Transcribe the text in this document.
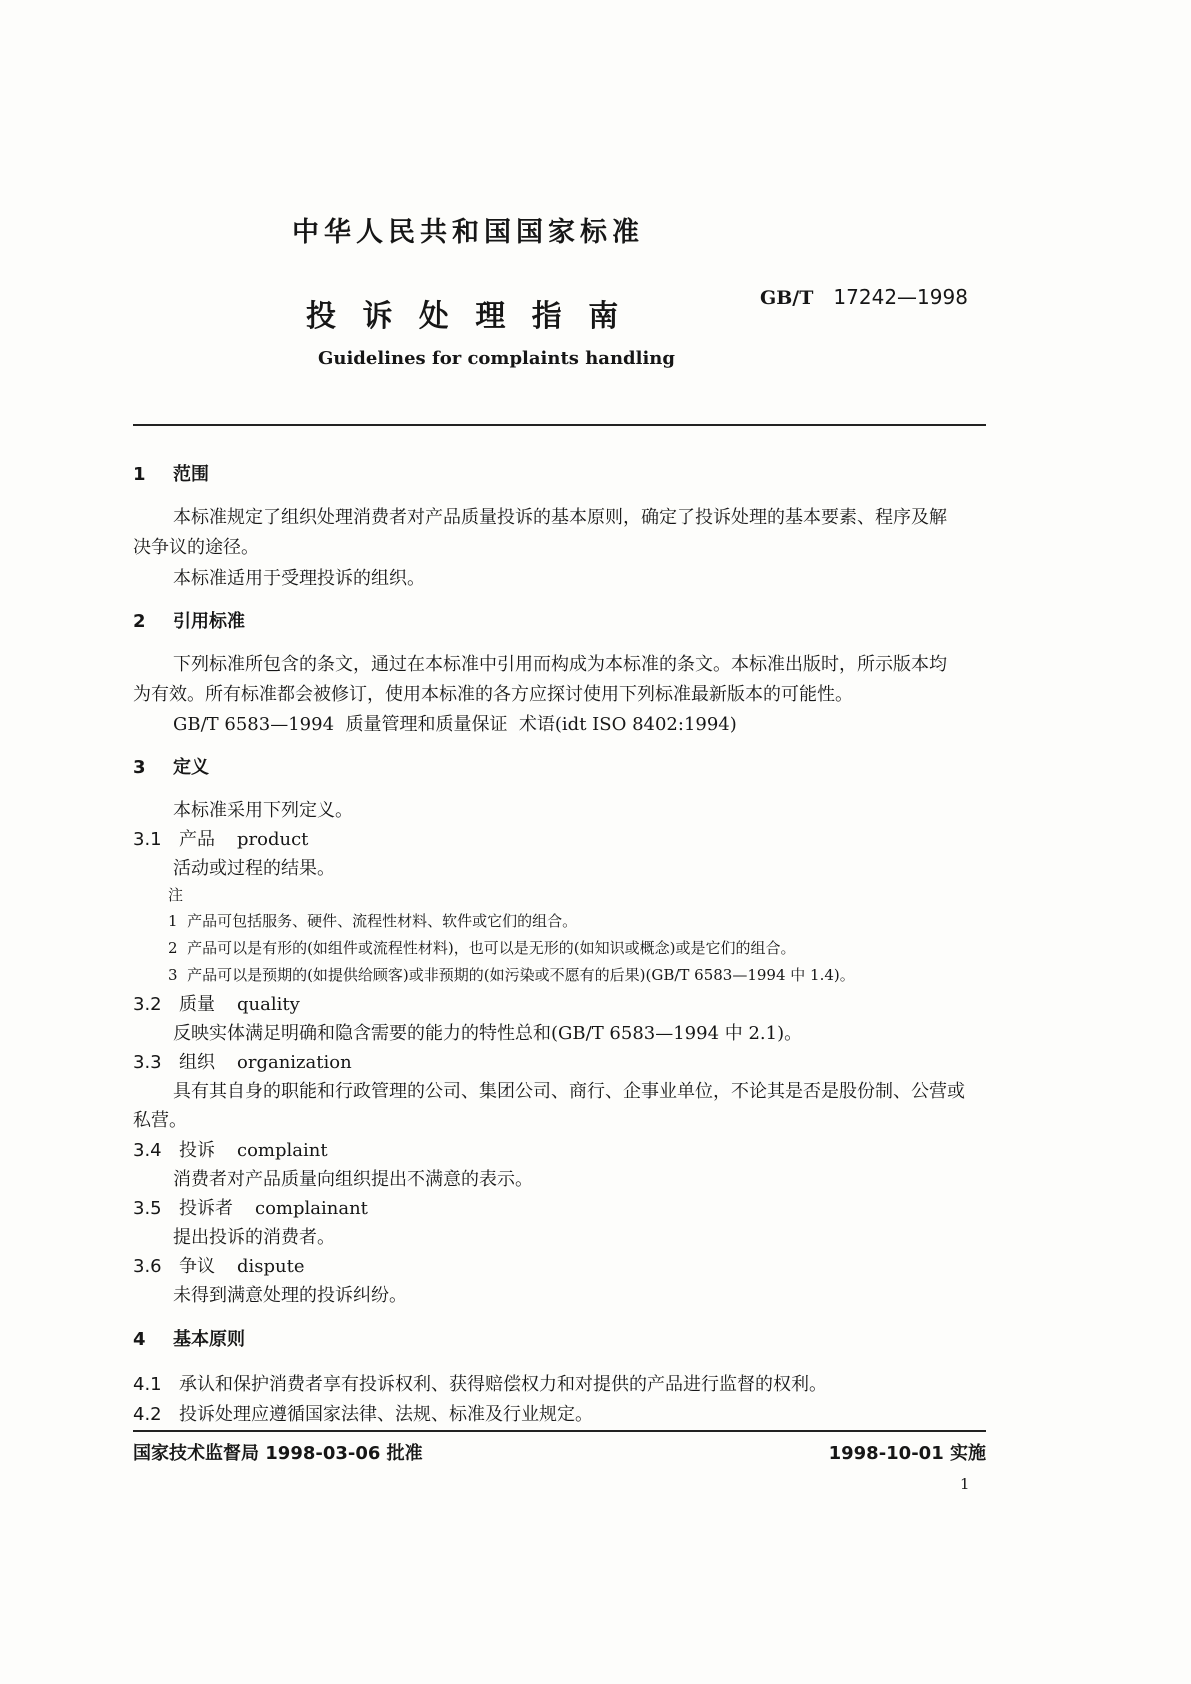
中华人民共和国国家标准
投 诉 处 理 指 南
GB/T 17242—1998
Guidelines for complaints handling
1 范围
本标准规定了组织处理消费者对产品质量投诉的基本原则，确定了投诉处理的基本要素、程序及解
决争议的途径。
本标准适用于受理投诉的组织。
2 引用标准
下列标准所包含的条文，通过在本标准中引用而构成为本标准的条文。本标准出版时，所示版本均
为有效。所有标准都会被修订，使用本标准的各方应探讨使用下列标准最新版本的可能性。
GB/T 6583—1994  质量管理和质量保证  术语(idt ISO 8402:1994)
3 定义
本标准采用下列定义。
3.1 产品 product
活动或过程的结果。
注
1  产品可包括服务、硬件、流程性材料、软件或它们的组合。
2  产品可以是有形的(如组件或流程性材料)，也可以是无形的(如知识或概念)或是它们的组合。
3  产品可以是预期的(如提供给顾客)或非预期的(如污染或不愿有的后果)(GB/T 6583—1994 中 1.4)。
3.2 质量 quality
反映实体满足明确和隐含需要的能力的特性总和(GB/T 6583—1994 中 2.1)。
3.3 组织 organization
具有其自身的职能和行政管理的公司、集团公司、商行、企事业单位，不论其是否是股份制、公营或
私营。
3.4 投诉 complaint
消费者对产品质量向组织提出不满意的表示。
3.5 投诉者 complainant
提出投诉的消费者。
3.6 争议 dispute
未得到满意处理的投诉纠纷。
4 基本原则
4.1 承认和保护消费者享有投诉权利、获得赔偿权力和对提供的产品进行监督的权利。
4.2 投诉处理应遵循国家法律、法规、标准及行业规定。
国家技术监督局 1998-03-06 批准	1998-10-01 实施
1
